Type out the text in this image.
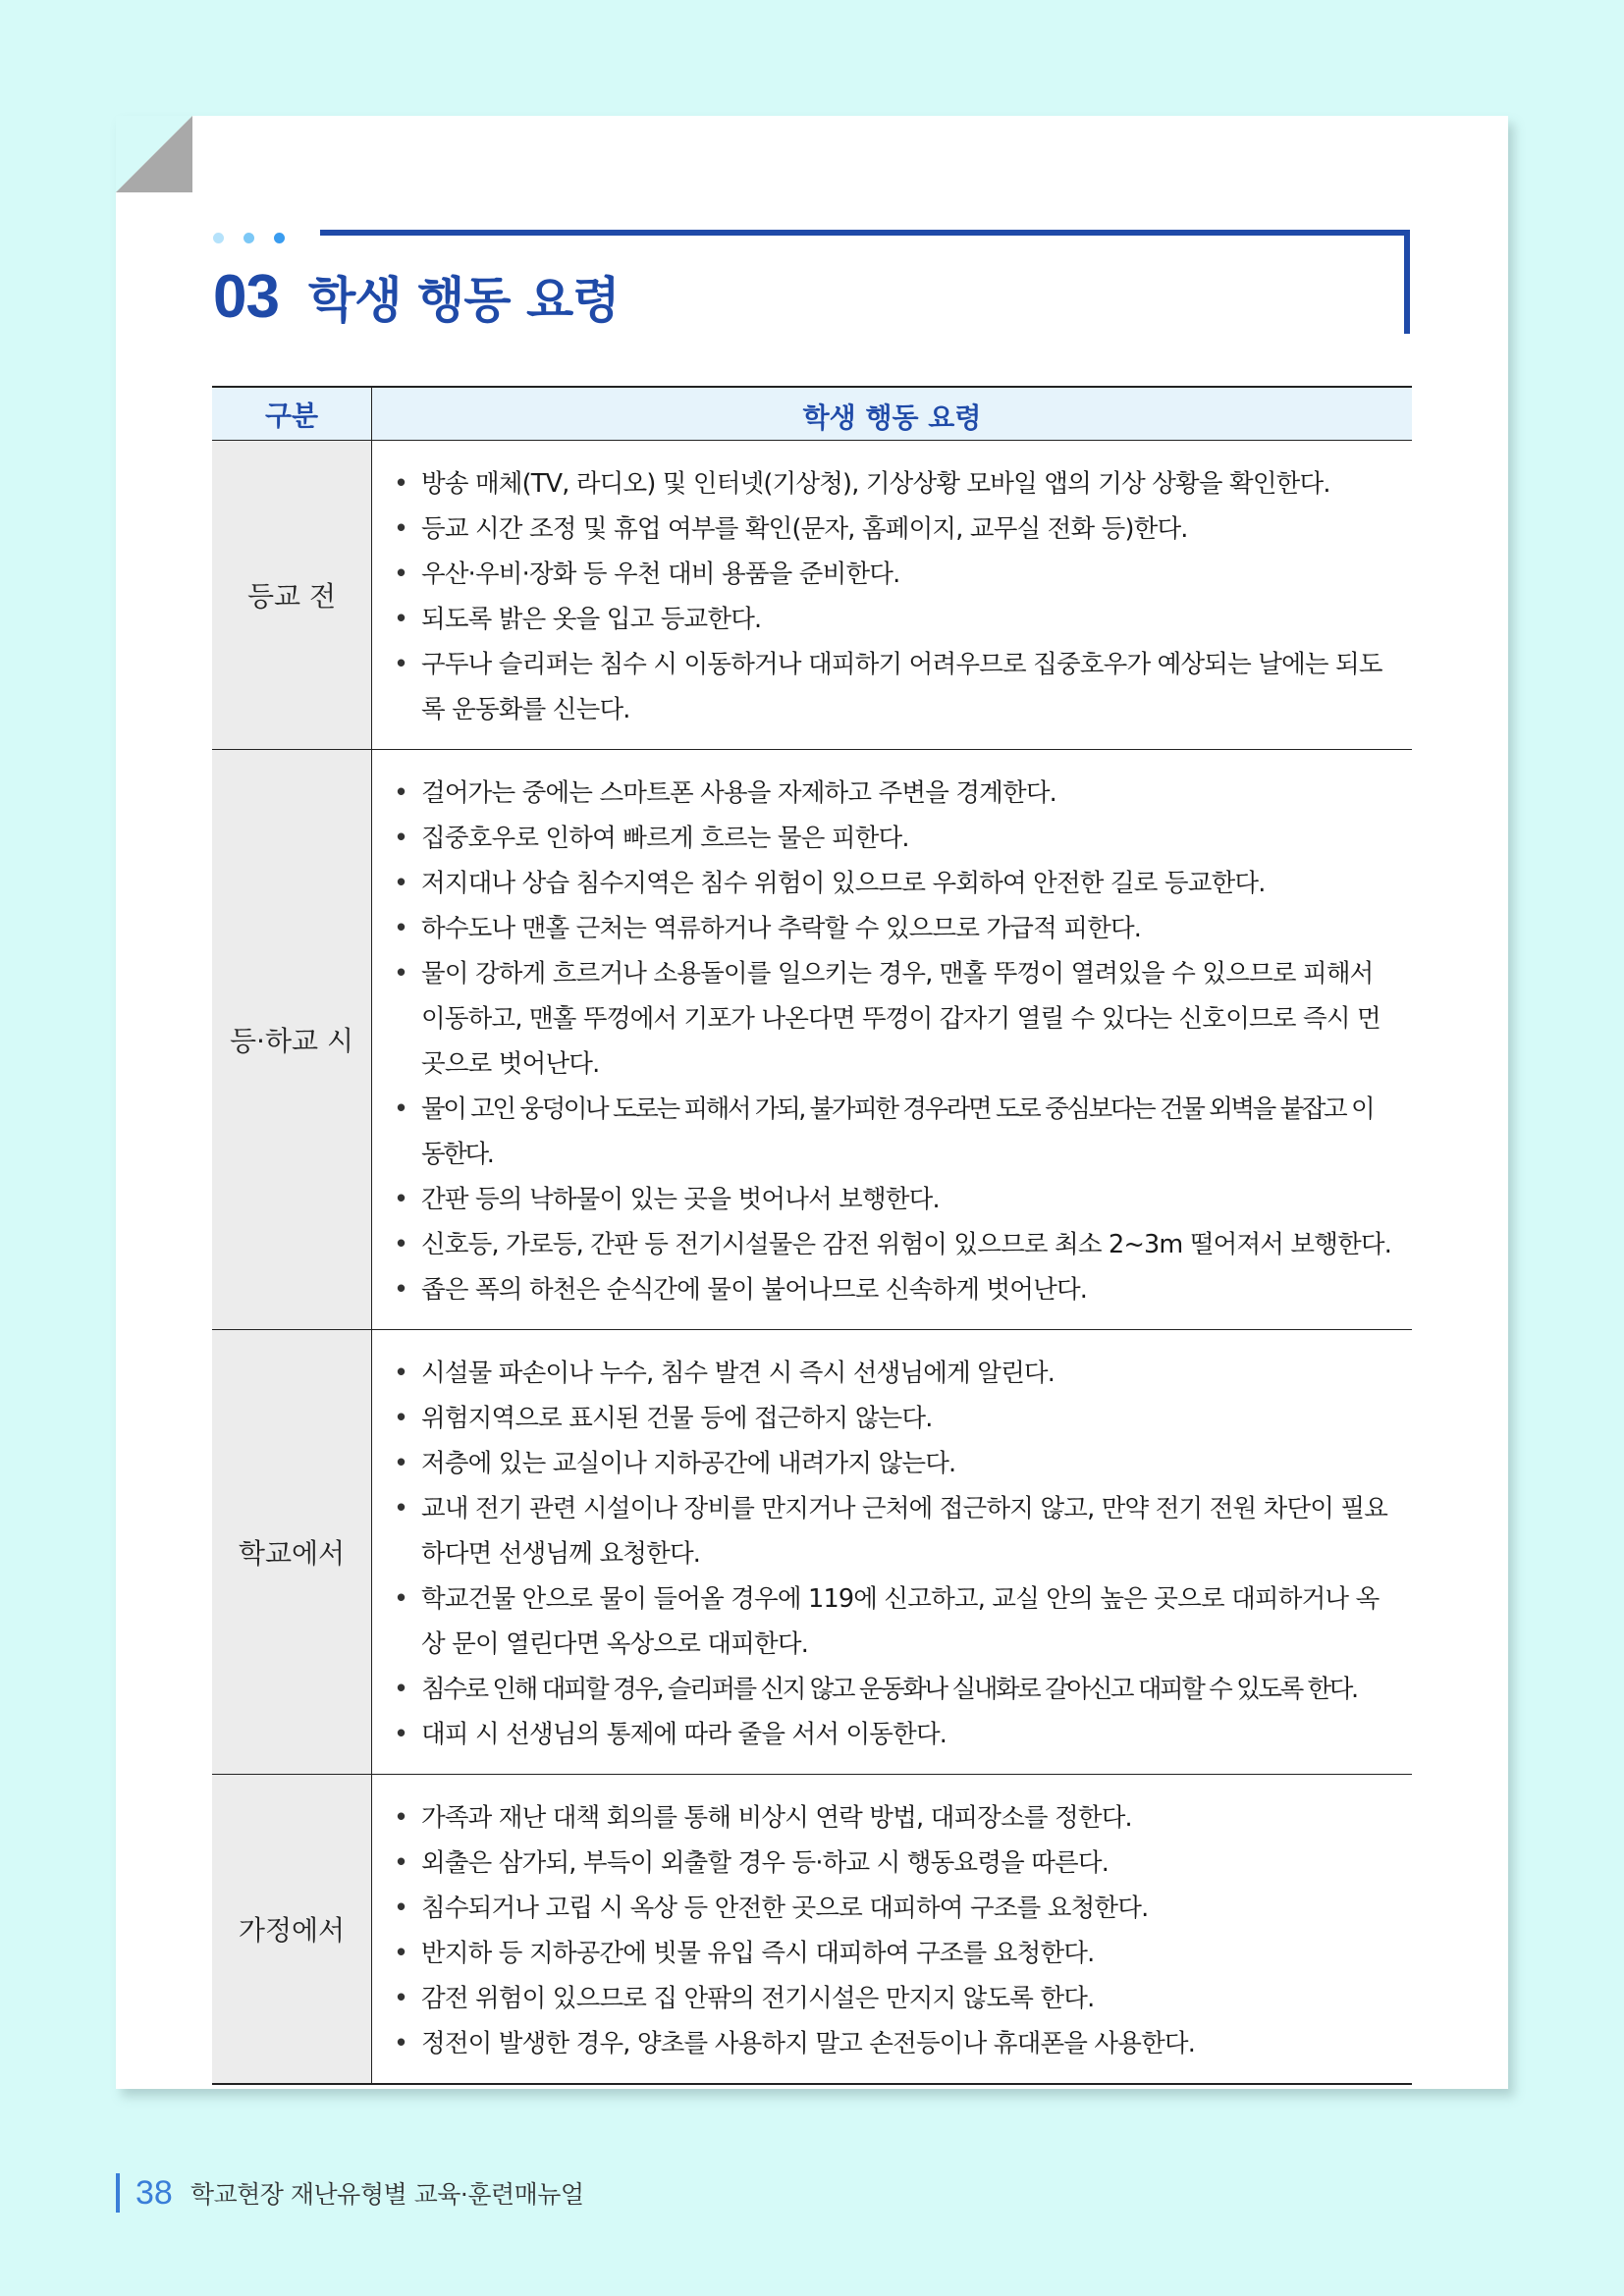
03 학생 행동 요령
구분	학생 행동 요령
등교 전
• 방송 매체(TV, 라디오) 및 인터넷(기상청), 기상상황 모바일 앱의 기상 상황을 확인한다.
• 등교 시간 조정 및 휴업 여부를 확인(문자, 홈페이지, 교무실 전화 등)한다.
• 우산·우비·장화 등 우천 대비 용품을 준비한다.
• 되도록 밝은 옷을 입고 등교한다.
• 구두나 슬리퍼는 침수 시 이동하거나 대피하기 어려우므로 집중호우가 예상되는 날에는 되도록 운동화를 신는다.
등·하교 시
• 걸어가는 중에는 스마트폰 사용을 자제하고 주변을 경계한다.
• 집중호우로 인하여 빠르게 흐르는 물은 피한다.
• 저지대나 상습 침수지역은 침수 위험이 있으므로 우회하여 안전한 길로 등교한다.
• 하수도나 맨홀 근처는 역류하거나 추락할 수 있으므로 가급적 피한다.
• 물이 강하게 흐르거나 소용돌이를 일으키는 경우, 맨홀 뚜껑이 열려있을 수 있으므로 피해서 이동하고, 맨홀 뚜껑에서 기포가 나온다면 뚜껑이 갑자기 열릴 수 있다는 신호이므로 즉시 먼 곳으로 벗어난다.
• 물이 고인 웅덩이나 도로는 피해서 가되, 불가피한 경우라면 도로 중심보다는 건물 외벽을 붙잡고 이동한다.
• 간판 등의 낙하물이 있는 곳을 벗어나서 보행한다.
• 신호등, 가로등, 간판 등 전기시설물은 감전 위험이 있으므로 최소 2~3m 떨어져서 보행한다.
• 좁은 폭의 하천은 순식간에 물이 불어나므로 신속하게 벗어난다.
학교에서
• 시설물 파손이나 누수, 침수 발견 시 즉시 선생님에게 알린다.
• 위험지역으로 표시된 건물 등에 접근하지 않는다.
• 저층에 있는 교실이나 지하공간에 내려가지 않는다.
• 교내 전기 관련 시설이나 장비를 만지거나 근처에 접근하지 않고, 만약 전기 전원 차단이 필요하다면 선생님께 요청한다.
• 학교건물 안으로 물이 들어올 경우에 119에 신고하고, 교실 안의 높은 곳으로 대피하거나 옥상 문이 열린다면 옥상으로 대피한다.
• 침수로 인해 대피할 경우, 슬리퍼를 신지 않고 운동화나 실내화로 갈아신고 대피할 수 있도록 한다.
• 대피 시 선생님의 통제에 따라 줄을 서서 이동한다.
가정에서
• 가족과 재난 대책 회의를 통해 비상시 연락 방법, 대피장소를 정한다.
• 외출은 삼가되, 부득이 외출할 경우 등·하교 시 행동요령을 따른다.
• 침수되거나 고립 시 옥상 등 안전한 곳으로 대피하여 구조를 요청한다.
• 반지하 등 지하공간에 빗물 유입 즉시 대피하여 구조를 요청한다.
• 감전 위험이 있으므로 집 안팎의 전기시설은 만지지 않도록 한다.
• 정전이 발생한 경우, 양초를 사용하지 말고 손전등이나 휴대폰을 사용한다.
38 학교현장 재난유형별 교육·훈련매뉴얼
